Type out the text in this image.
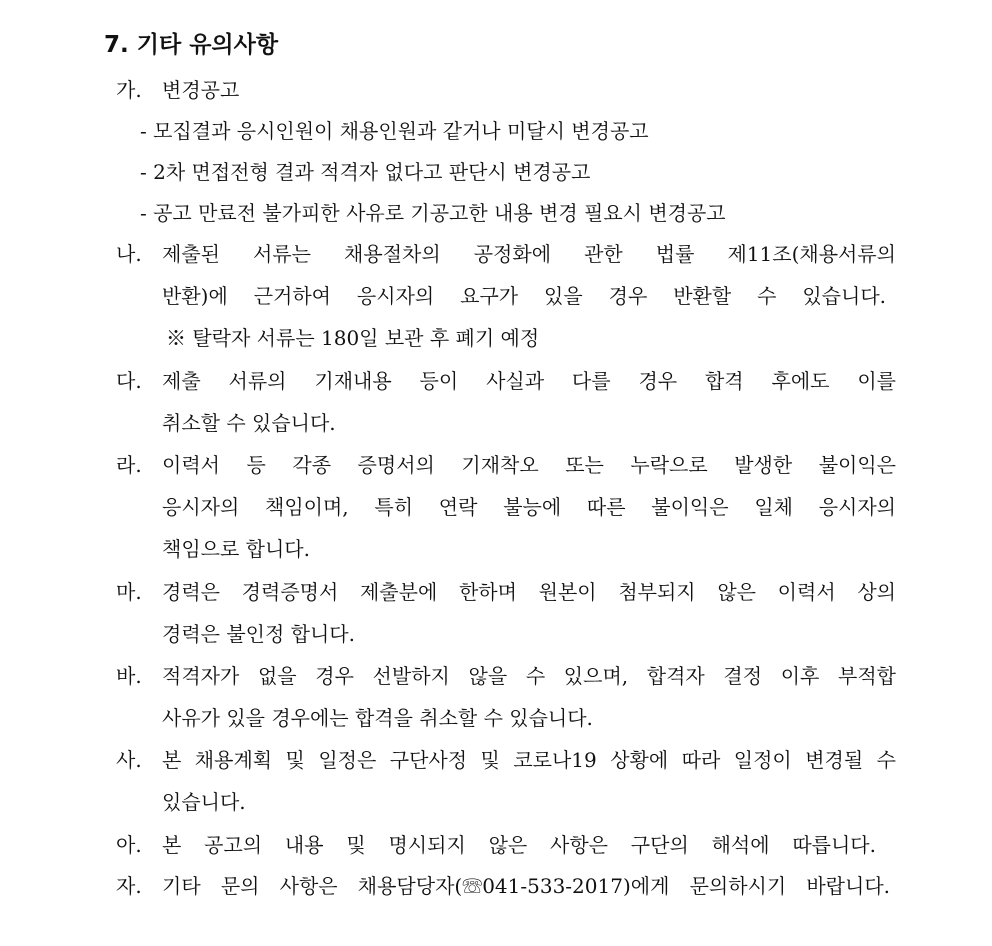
7. 기타 유의사항
가. 변경공고
- 모집결과 응시인원이 채용인원과 같거나 미달시 변경공고
- 2차 면접전형 결과 적격자 없다고 판단시 변경공고
- 공고 만료전 불가피한 사유로 기공고한 내용 변경 필요시 변경공고
나. 제출된 서류는 채용절차의 공정화에 관한 법률 제11조(채용서류의
반환)에 근거하여 응시자의 요구가 있을 경우 반환할 수 있습니다.
※ 탈락자 서류는 180일 보관 후 폐기 예정
다. 제출 서류의 기재내용 등이 사실과 다를 경우 합격 후에도 이를
취소할 수 있습니다.
라. 이력서 등 각종 증명서의 기재착오 또는 누락으로 발생한 불이익은
응시자의 책임이며, 특히 연락 불능에 따른 불이익은 일체 응시자의
책임으로 합니다.
마. 경력은 경력증명서 제출분에 한하며 원본이 첨부되지 않은 이력서 상의
경력은 불인정 합니다.
바. 적격자가 없을 경우 선발하지 않을 수 있으며, 합격자 결정 이후 부적합
사유가 있을 경우에는 합격을 취소할 수 있습니다.
사. 본 채용계획 및 일정은 구단사정 및 코로나19 상황에 따라 일정이 변경될 수
있습니다.
아. 본 공고의 내용 및 명시되지 않은 사항은 구단의 해석에 따릅니다.
자. 기타 문의 사항은 채용담당자(☏041-533-2017)에게 문의하시기 바랍니다.
